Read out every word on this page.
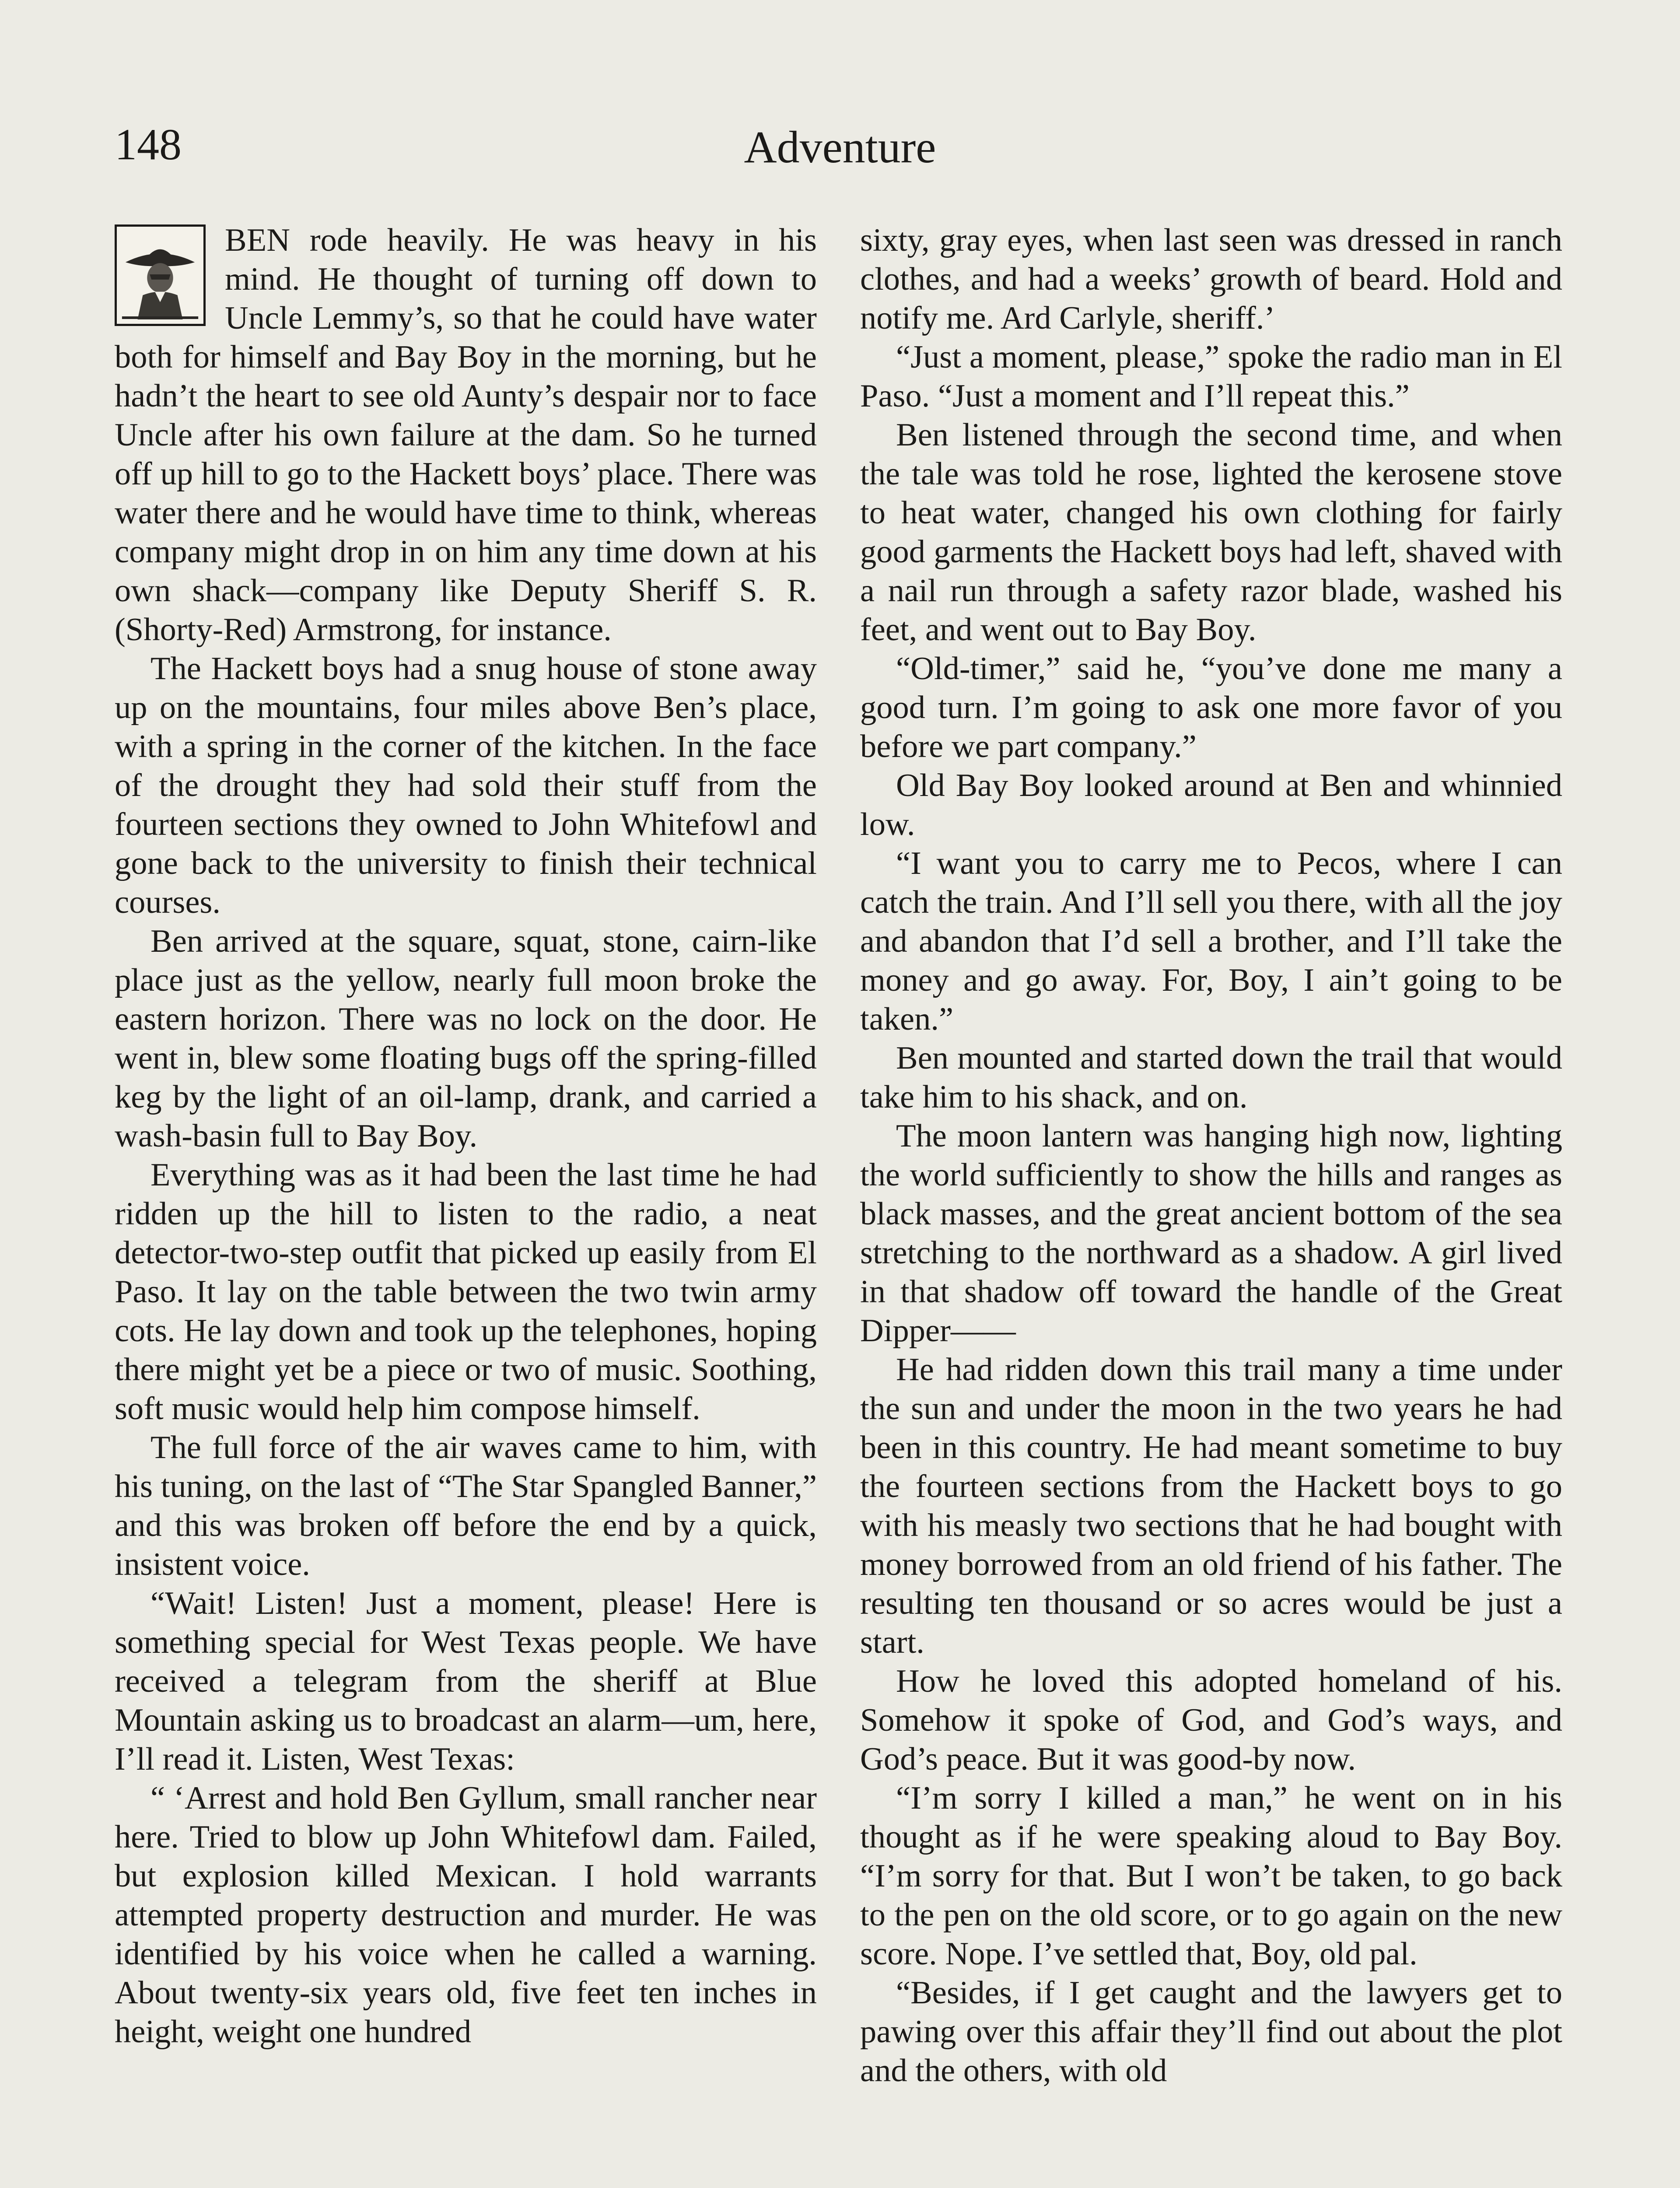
148	Adventure

BEN rode heavily. He was heavy in his mind. He thought of turning off down to Uncle Lemmy’s, so that he could have water both for himself and Bay Boy in the morning, but he hadn’t the heart to see old Aunty’s despair nor to face Uncle after his own failure at the dam. So he turned off up hill to go to the Hackett boys’ place. There was water there and he would have time to think, whereas company might drop in on him any time down at his own shack—company like Deputy Sheriff S. R. (Shorty-Red) Armstrong, for instance.

The Hackett boys had a snug house of stone away up on the mountains, four miles above Ben’s place, with a spring in the corner of the kitchen. In the face of the drought they had sold their stuff from the fourteen sections they owned to John Whitefowl and gone back to the university to finish their technical courses.

Ben arrived at the square, squat, stone, cairn-like place just as the yellow, nearly full moon broke the eastern horizon. There was no lock on the door. He went in, blew some floating bugs off the spring-filled keg by the light of an oil-lamp, drank, and carried a wash-basin full to Bay Boy.

Everything was as it had been the last time he had ridden up the hill to listen to the radio, a neat detector-two-step outfit that picked up easily from El Paso. It lay on the table between the two twin army cots. He lay down and took up the telephones, hoping there might yet be a piece or two of music. Soothing, soft music would help him compose himself.

The full force of the air waves came to him, with his tuning, on the last of “The Star Spangled Banner,” and this was broken off before the end by a quick, insistent voice.

“Wait! Listen! Just a moment, please! Here is something special for West Texas people. We have received a telegram from the sheriff at Blue Mountain asking us to broadcast an alarm—um, here, I’ll read it. Listen, West Texas:

“ ‘Arrest and hold Ben Gyllum, small rancher near here. Tried to blow up John Whitefowl dam. Failed, but explosion killed Mexican. I hold warrants attempted property destruction and murder. He was identified by his voice when he called a warning. About twenty-six years old, five feet ten inches in height, weight one hundred

sixty, gray eyes, when last seen was dressed in ranch clothes, and had a weeks’ growth of beard. Hold and notify me. Ard Carlyle, sheriff.’

“Just a moment, please,” spoke the radio man in El Paso. “Just a moment and I’ll repeat this.”

Ben listened through the second time, and when the tale was told he rose, lighted the kerosene stove to heat water, changed his own clothing for fairly good garments the Hackett boys had left, shaved with a nail run through a safety razor blade, washed his feet, and went out to Bay Boy.

“Old-timer,” said he, “you’ve done me many a good turn. I’m going to ask one more favor of you before we part company.”

Old Bay Boy looked around at Ben and whinnied low.

“I want you to carry me to Pecos, where I can catch the train. And I’ll sell you there, with all the joy and abandon that I’d sell a brother, and I’ll take the money and go away. For, Boy, I ain’t going to be taken.”

Ben mounted and started down the trail that would take him to his shack, and on.

The moon lantern was hanging high now, lighting the world sufficiently to show the hills and ranges as black masses, and the great ancient bottom of the sea stretching to the northward as a shadow. A girl lived in that shadow off toward the handle of the Great Dipper——

He had ridden down this trail many a time under the sun and under the moon in the two years he had been in this country. He had meant sometime to buy the fourteen sections from the Hackett boys to go with his measly two sections that he had bought with money borrowed from an old friend of his father. The resulting ten thousand or so acres would be just a start.

How he loved this adopted homeland of his. Somehow it spoke of God, and God’s ways, and God’s peace. But it was good-by now.

“I’m sorry I killed a man,” he went on in his thought as if he were speaking aloud to Bay Boy. “I’m sorry for that. But I won’t be taken, to go back to the pen on the old score, or to go again on the new score. Nope. I’ve settled that, Boy, old pal.

“Besides, if I get caught and the lawyers get to pawing over this affair they’ll find out about the plot and the others, with old
